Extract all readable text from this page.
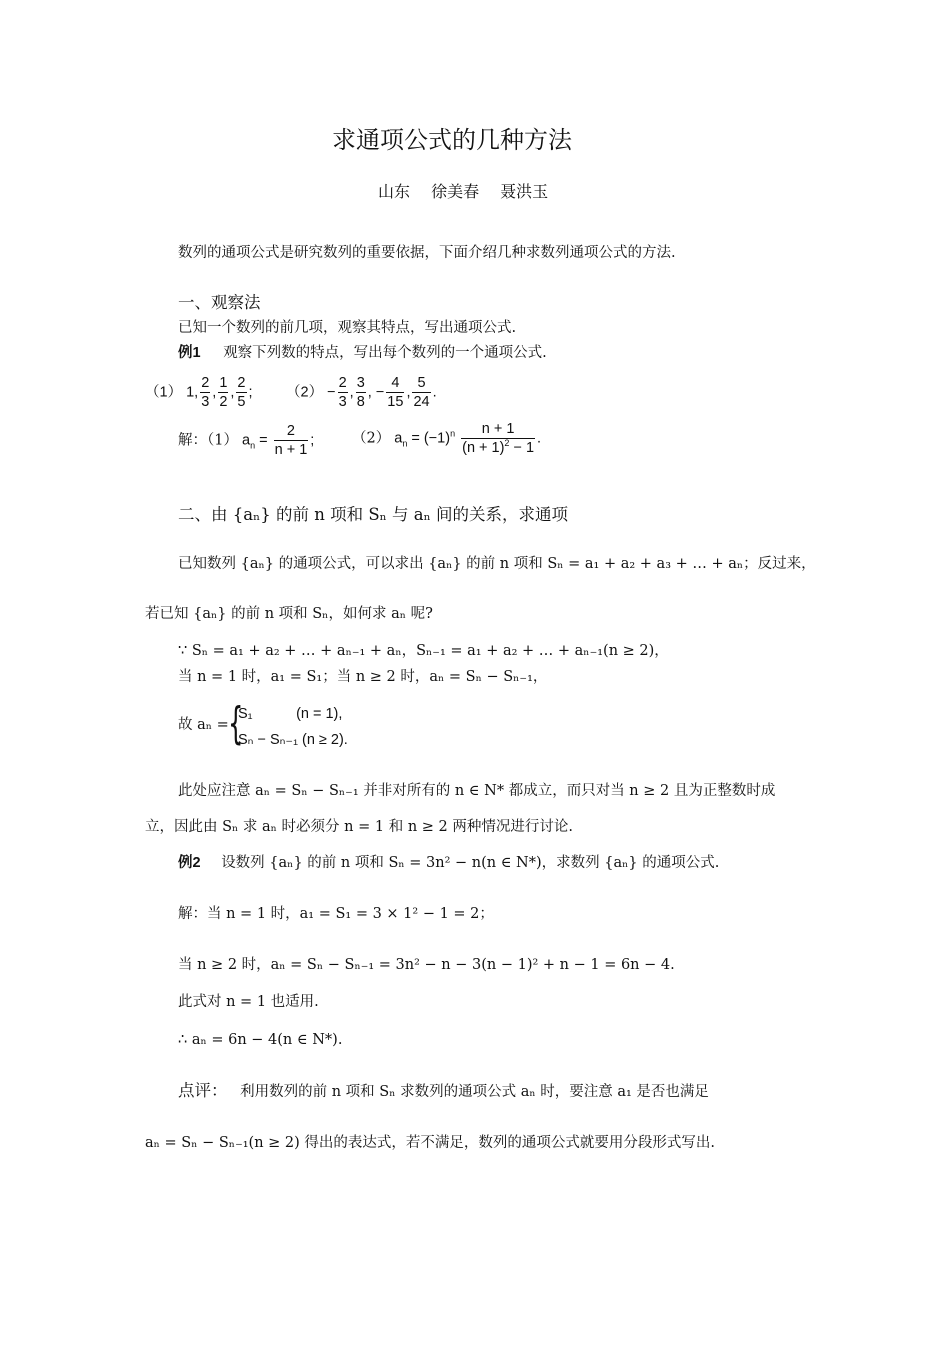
求通项公式的几种方法
山东　 徐美春　 聂洪玉
数列的通项公式是研究数列的重要依据，下面介绍几种求数列通项公式的方法.
一、观察法
已知一个数列的前几项，观察其特点，写出通项公式.
例1 观察下列数的特点，写出每个数列的一个通项公式.
（1） 1, $\frac{2}{3}$ , $\frac{1}{2}$ , $\frac{2}{5}$ ; $(2) - \frac{2}{3}$ , $\frac{3}{8}$ , − $\frac{4}{15}$ , $\frac{5}{24}$ .
解：（1） $a_n = \frac{2}{n + 1}$ ;	（2） $a_n = (-1)^n \frac{n + 1}{(n + 1)^2 - 1}$ .
二、由 {aₙ} 的前 n 项和 Sₙ 与 aₙ 间的关系，求通项
已知数列 {aₙ} 的通项公式，可以求出 {aₙ} 的前 n 项和 Sₙ = a₁ + a₂ + a₃ + … + aₙ；反过来，
若已知 {aₙ} 的前 n 项和 Sₙ，如何求 aₙ 呢?
∵ Sₙ = a₁ + a₂ + … + aₙ₋₁ + aₙ，Sₙ₋₁ = a₁ + a₂ + … + aₙ₋₁(n ≥ 2)，
当 n = 1 时，a₁ = S₁；当 n ≥ 2 时，aₙ = Sₙ − Sₙ₋₁，
故 aₙ = {
S₁　　　(n = 1),
Sₙ − Sₙ₋₁ (n ≥ 2).
此处应注意 aₙ = Sₙ − Sₙ₋₁ 并非对所有的 n ∈ N* 都成立，而只对当 n ≥ 2 且为正整数时成
立，因此由 Sₙ 求 aₙ 时必须分 n = 1 和 n ≥ 2 两种情况进行讨论.
例2 设数列 {aₙ} 的前 n 项和 Sₙ = 3n² − n(n ∈ N*)，求数列 {aₙ} 的通项公式.
解：当 n = 1 时，a₁ = S₁ = 3 × 1² − 1 = 2；
当 n ≥ 2 时，aₙ = Sₙ − Sₙ₋₁ = 3n² − n − 3(n − 1)² + n − 1 = 6n − 4.
此式对 n = 1 也适用.
∴ aₙ = 6n − 4(n ∈ N*).
点评： 利用数列的前 n 项和 Sₙ 求数列的通项公式 aₙ 时，要注意 a₁ 是否也满足
aₙ = Sₙ − Sₙ₋₁(n ≥ 2) 得出的表达式，若不满足，数列的通项公式就要用分段形式写出.
